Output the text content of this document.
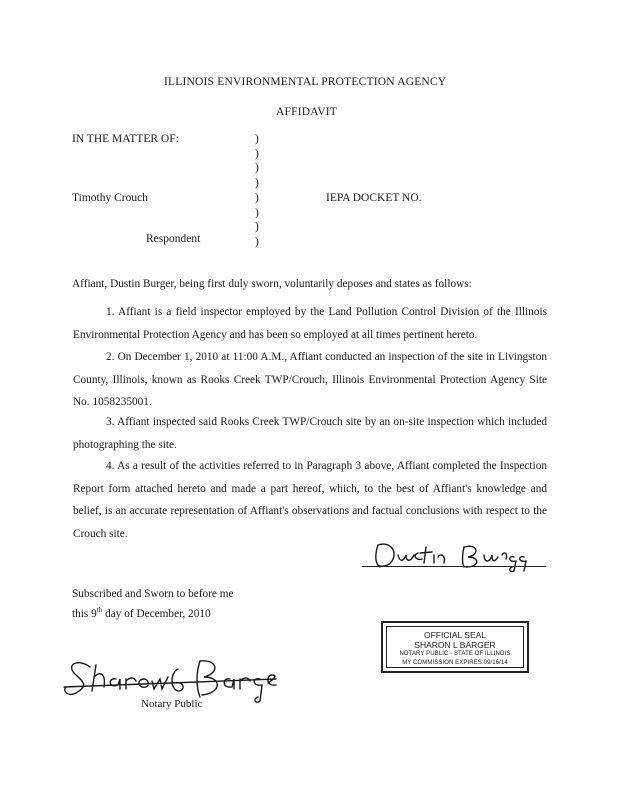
ILLINOIS ENVIRONMENTAL PROTECTION AGENCY
AFFIDAVIT
IN THE MATTER OF:	)
)
)
)
)
)
)
)
Timothy Crouch	IEPA DOCKET NO.
Respondent
Affiant, Dustin Burger, being first duly sworn, voluntarily deposes and states as follows:
1. Affiant is a field inspector employed by the Land Pollution Control Division of the Illinois Environmental Protection Agency and has been so employed at all times pertinent hereto.
2. On December 1, 2010 at 11:00 A.M., Affiant conducted an inspection of the site in Livingston County, Illinois, known as Rooks Creek TWP/Crouch, Illinois Environmental Protection Agency Site No. 1058235001.
3. Affiant inspected said Rooks Creek TWP/Crouch site by an on-site inspection which included photographing the site.
4. As a result of the activities referred to in Paragraph 3 above, Affiant completed the Inspection Report form attached hereto and made a part hereof, which, to the best of Affiant's knowledge and belief, is an accurate representation of Affiant's observations and factual conclusions with respect to the Crouch site.
Subscribed and Sworn to before me
this 9th day of December, 2010
Notary Public
OFFICIAL SEAL
SHARON L BARGER
NOTARY PUBLIC - STATE OF ILLINOIS
MY COMMISSION EXPIRES:09/16/14
